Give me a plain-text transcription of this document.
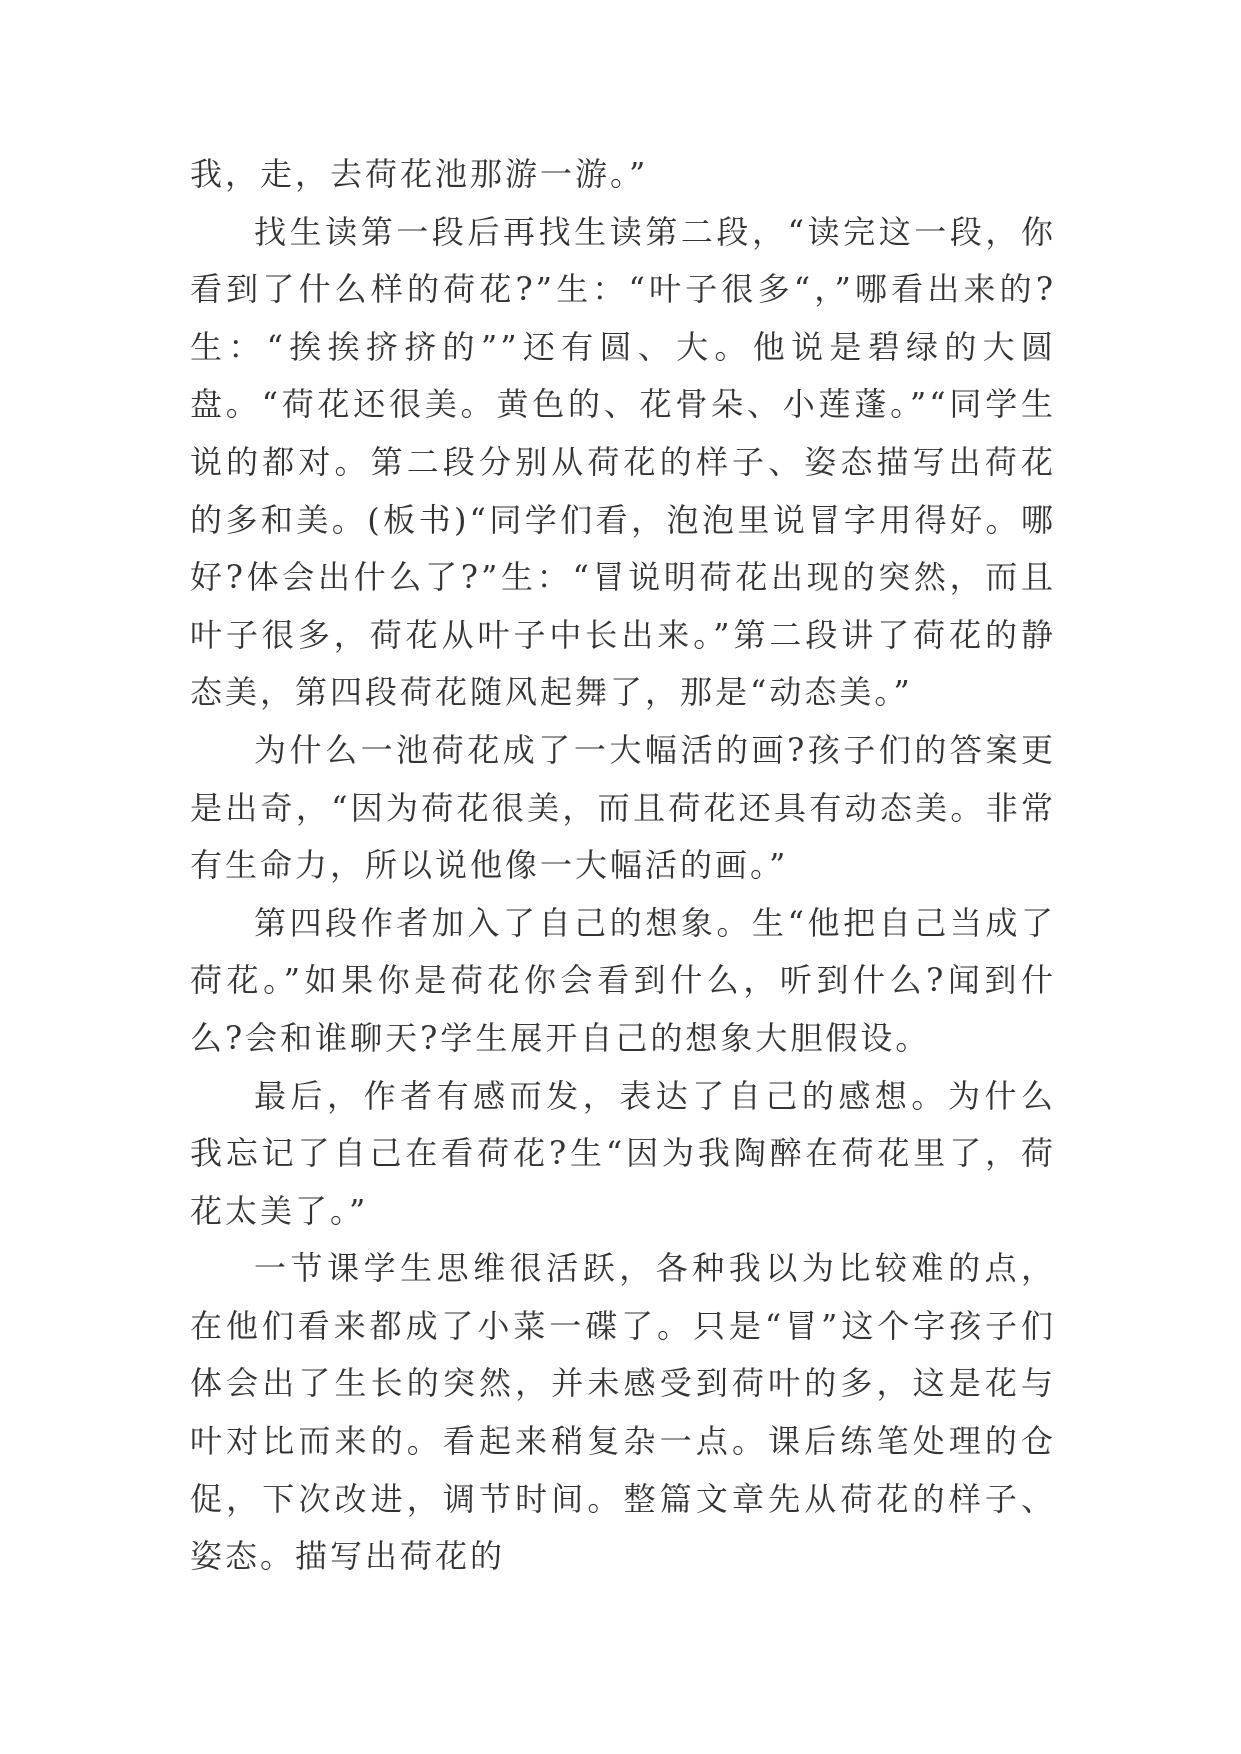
我，走，去荷花池那游一游。”

找生读第一段后再找生读第二段，“读完这一段，你看到了什么样的荷花?”生：“叶子很多“，”哪看出来的?生：“挨挨挤挤的””还有圆、大。他说是碧绿的大圆盘。“荷花还很美。黄色的、花骨朵、小莲蓬。”“同学生说的都对。第二段分别从荷花的样子、姿态描写出荷花的多和美。(板书)“同学们看，泡泡里说冒字用得好。哪好?体会出什么了?”生：“冒说明荷花出现的突然，而且叶子很多，荷花从叶子中长出来。”第二段讲了荷花的静态美，第四段荷花随风起舞了，那是“动态美。”

为什么一池荷花成了一大幅活的画?孩子们的答案更是出奇，“因为荷花很美，而且荷花还具有动态美。非常有生命力，所以说他像一大幅活的画。”

第四段作者加入了自己的想象。生“他把自己当成了荷花。”如果你是荷花你会看到什么，听到什么?闻到什么?会和谁聊天?学生展开自己的想象大胆假设。

最后，作者有感而发，表达了自己的感想。为什么我忘记了自己在看荷花?生“因为我陶醉在荷花里了，荷花太美了。”

一节课学生思维很活跃，各种我以为比较难的点，在他们看来都成了小菜一碟了。只是“冒”这个字孩子们体会出了生长的突然，并未感受到荷叶的多，这是花与叶对比而来的。看起来稍复杂一点。课后练笔处理的仓促，下次改进，调节时间。整篇文章先从荷花的样子、姿态。描写出荷花的
